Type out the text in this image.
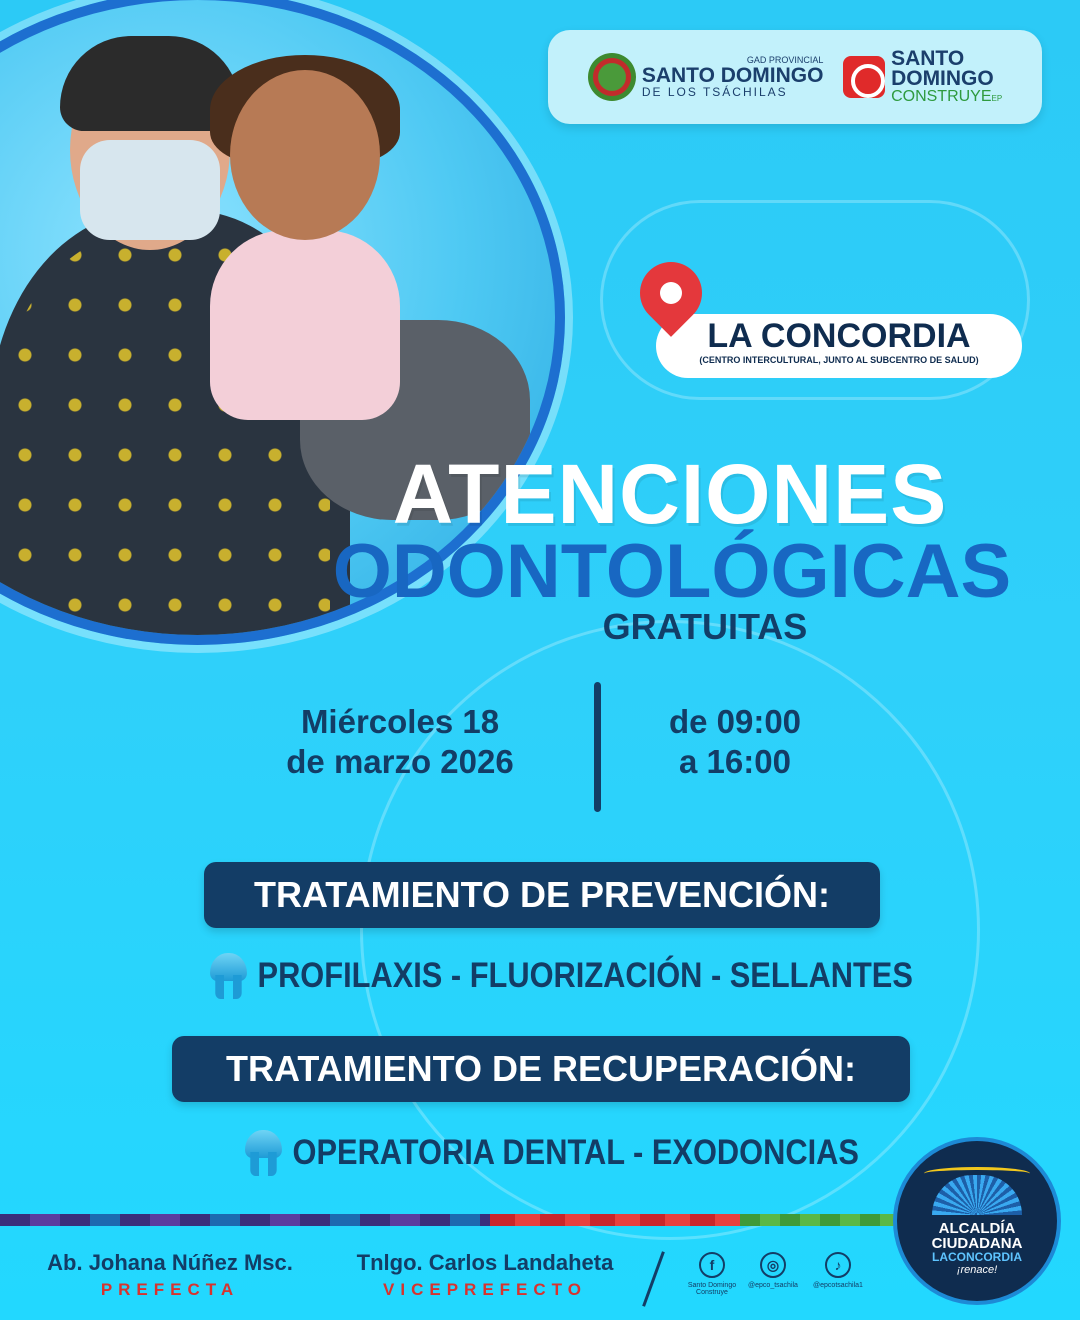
GAD PROVINCIAL
SANTO DOMINGO
DE LOS TSÁCHILAS
SANTO
DOMINGO
CONSTRUYEEP
LA CONCORDIA
(CENTRO INTERCULTURAL, JUNTO AL SUBCENTRO DE SALUD)
ATENCIONES
ODONTOLÓGICAS
GRATUITAS
Miércoles 18
de marzo 2026
de 09:00
a 16:00
TRATAMIENTO DE PREVENCIÓN:
PROFILAXIS - FLUORIZACIÓN - SELLANTES
TRATAMIENTO DE RECUPERACIÓN:
OPERATORIA DENTAL - EXODONCIAS
Ab. Johana Núñez Msc.
PREFECTA
Tnlgo. Carlos Landaheta
VICEPREFECTO
f
Santo Domingo Construye
◎
@epco_tsachila
♪
@epcotsachila1
ALCALDÍA
CIUDADANA
LACONCORDIA
¡renace!
